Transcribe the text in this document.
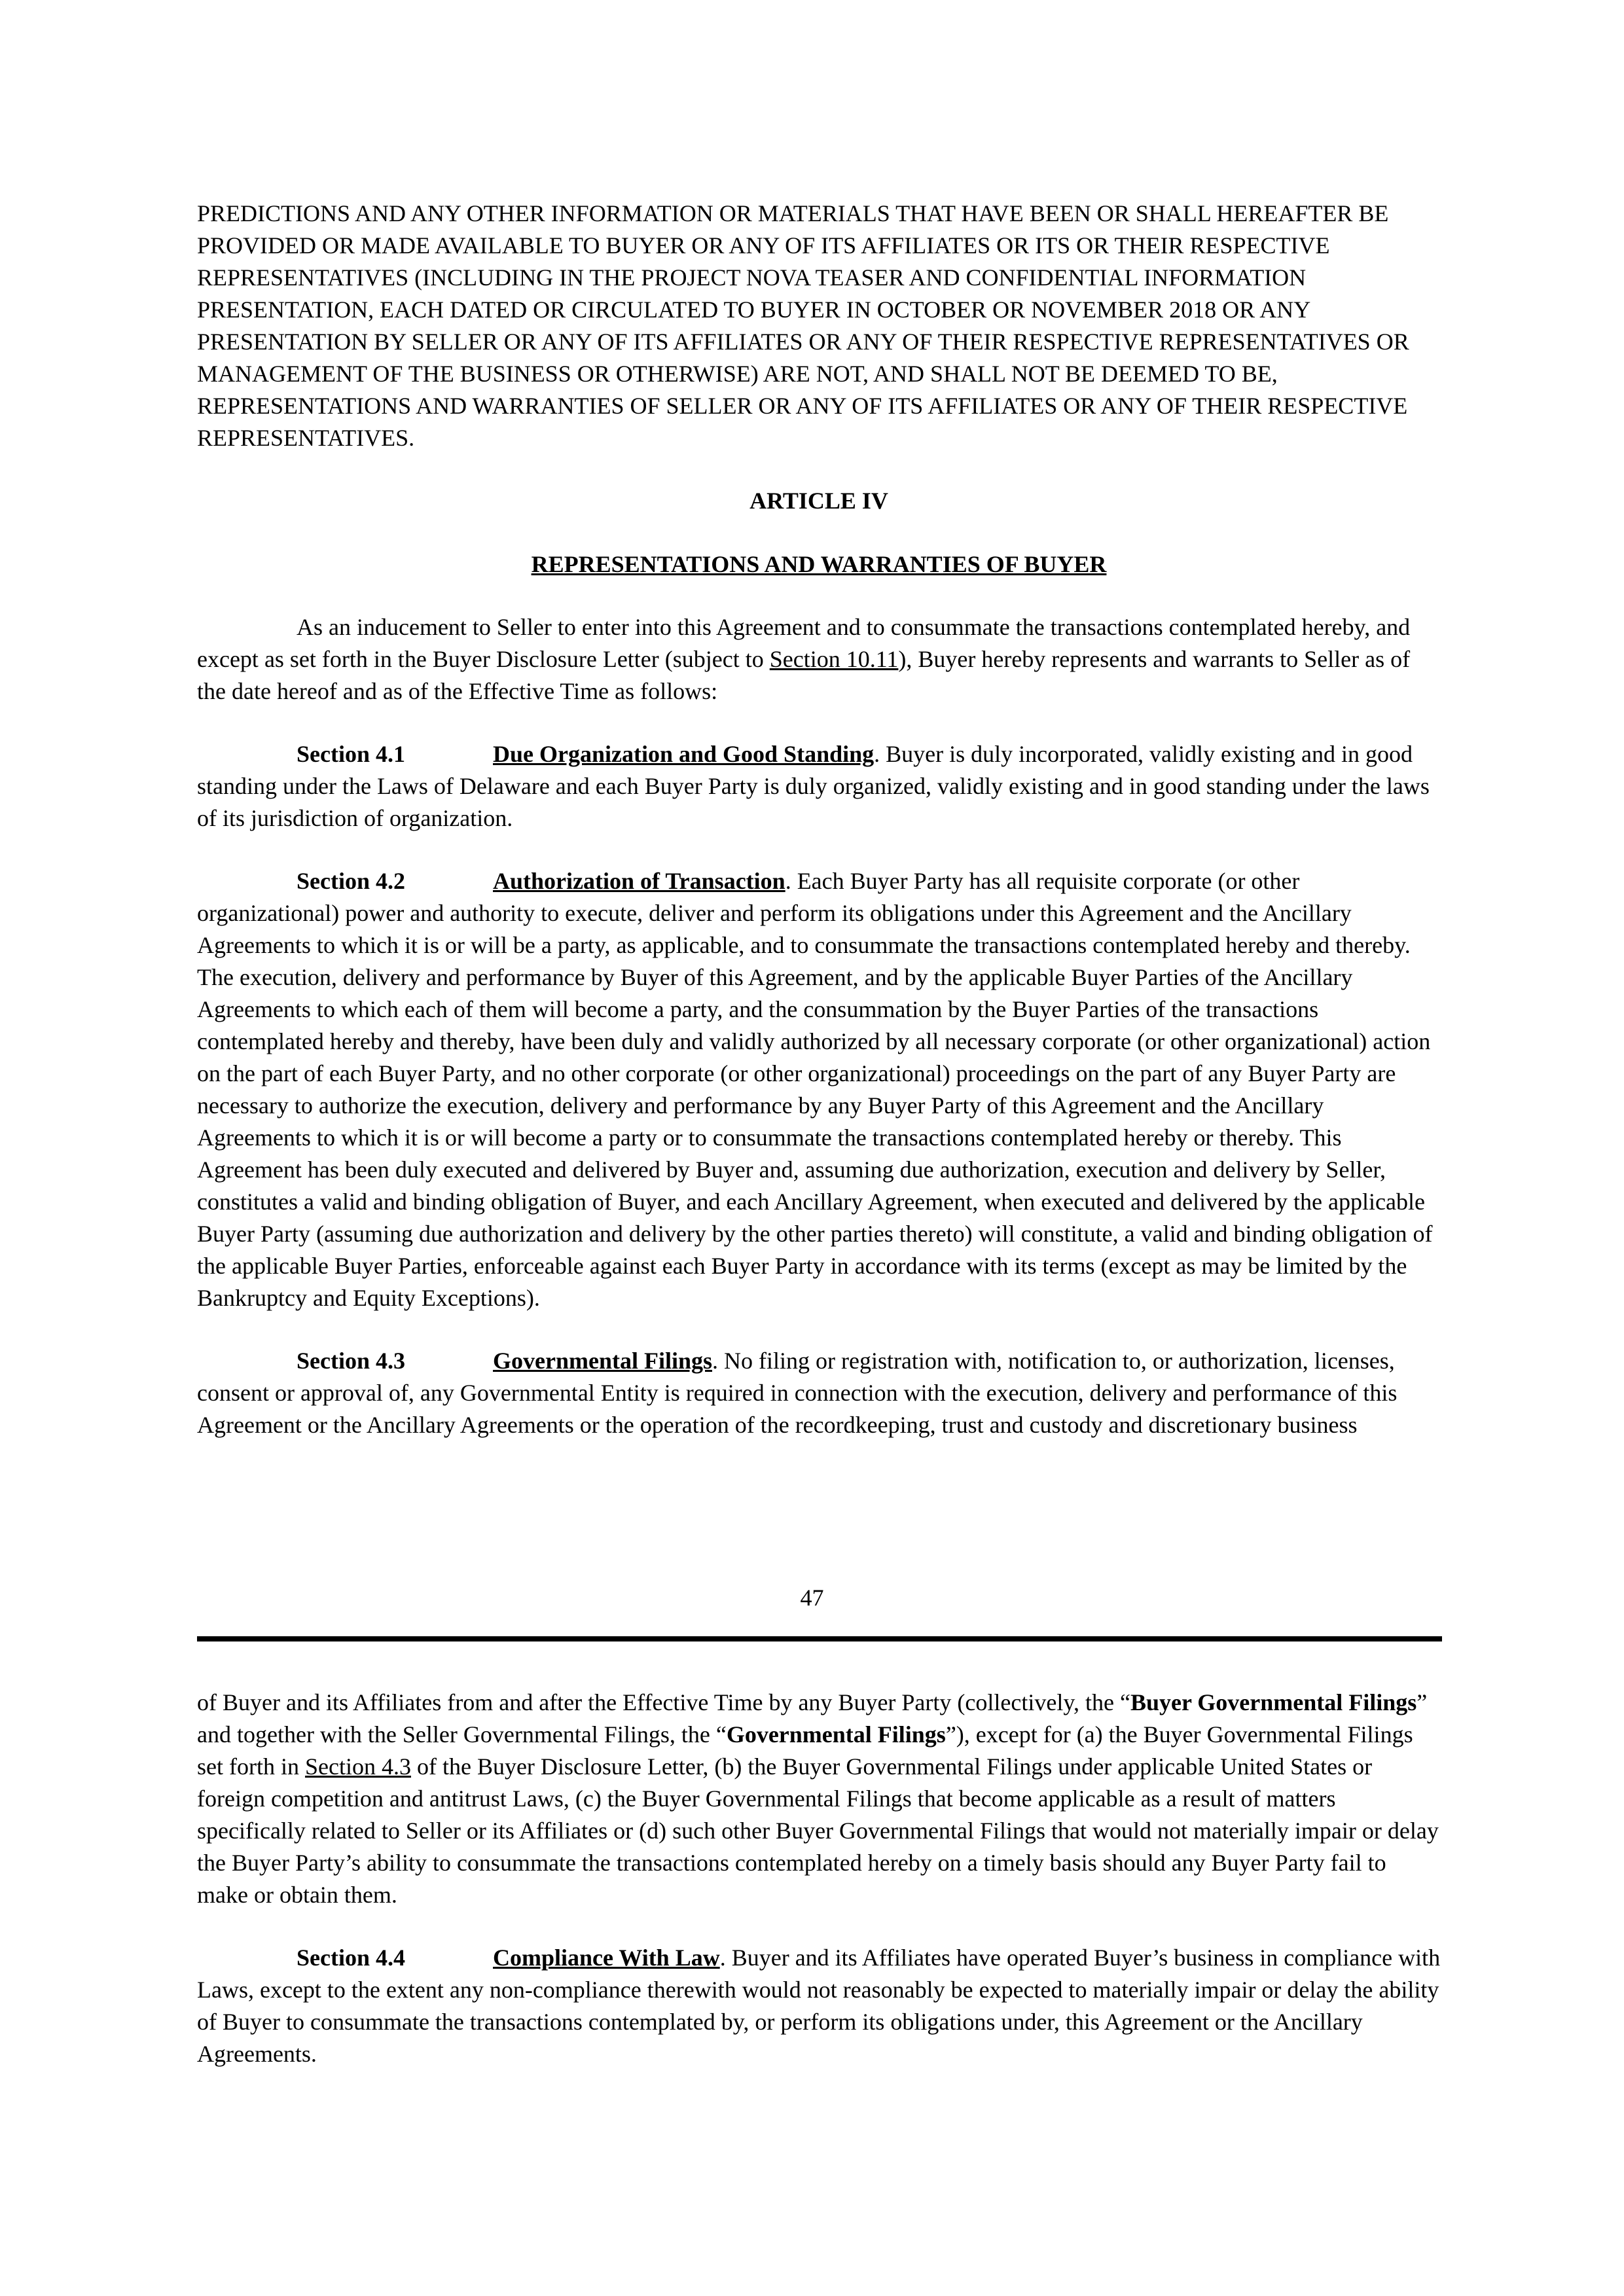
PREDICTIONS AND ANY OTHER INFORMATION OR MATERIALS THAT HAVE BEEN OR SHALL HEREAFTER BE PROVIDED OR MADE AVAILABLE TO BUYER OR ANY OF ITS AFFILIATES OR ITS OR THEIR RESPECTIVE REPRESENTATIVES (INCLUDING IN THE PROJECT NOVA TEASER AND CONFIDENTIAL INFORMATION PRESENTATION, EACH DATED OR CIRCULATED TO BUYER IN OCTOBER OR NOVEMBER 2018 OR ANY PRESENTATION BY SELLER OR ANY OF ITS AFFILIATES OR ANY OF THEIR RESPECTIVE REPRESENTATIVES OR MANAGEMENT OF THE BUSINESS OR OTHERWISE) ARE NOT, AND SHALL NOT BE DEEMED TO BE, REPRESENTATIONS AND WARRANTIES OF SELLER OR ANY OF ITS AFFILIATES OR ANY OF THEIR RESPECTIVE REPRESENTATIVES.

ARTICLE IV

REPRESENTATIONS AND WARRANTIES OF BUYER

As an inducement to Seller to enter into this Agreement and to consummate the transactions contemplated hereby, and except as set forth in the Buyer Disclosure Letter (subject to Section 10.11), Buyer hereby represents and warrants to Seller as of the date hereof and as of the Effective Time as follows:

Section 4.1	Due Organization and Good Standing. Buyer is duly incorporated, validly existing and in good standing under the Laws of Delaware and each Buyer Party is duly organized, validly existing and in good standing under the laws of its jurisdiction of organization.

Section 4.2	Authorization of Transaction. Each Buyer Party has all requisite corporate (or other organizational) power and authority to execute, deliver and perform its obligations under this Agreement and the Ancillary Agreements to which it is or will be a party, as applicable, and to consummate the transactions contemplated hereby and thereby. The execution, delivery and performance by Buyer of this Agreement, and by the applicable Buyer Parties of the Ancillary Agreements to which each of them will become a party, and the consummation by the Buyer Parties of the transactions contemplated hereby and thereby, have been duly and validly authorized by all necessary corporate (or other organizational) action on the part of each Buyer Party, and no other corporate (or other organizational) proceedings on the part of any Buyer Party are necessary to authorize the execution, delivery and performance by any Buyer Party of this Agreement and the Ancillary Agreements to which it is or will become a party or to consummate the transactions contemplated hereby or thereby. This Agreement has been duly executed and delivered by Buyer and, assuming due authorization, execution and delivery by Seller, constitutes a valid and binding obligation of Buyer, and each Ancillary Agreement, when executed and delivered by the applicable Buyer Party (assuming due authorization and delivery by the other parties thereto) will constitute, a valid and binding obligation of the applicable Buyer Parties, enforceable against each Buyer Party in accordance with its terms (except as may be limited by the Bankruptcy and Equity Exceptions).

Section 4.3	Governmental Filings. No filing or registration with, notification to, or authorization, licenses, consent or approval of, any Governmental Entity is required in connection with the execution, delivery and performance of this Agreement or the Ancillary Agreements or the operation of the recordkeeping, trust and custody and discretionary business

47

of Buyer and its Affiliates from and after the Effective Time by any Buyer Party (collectively, the “Buyer Governmental Filings” and together with the Seller Governmental Filings, the “Governmental Filings”), except for (a) the Buyer Governmental Filings set forth in Section 4.3 of the Buyer Disclosure Letter, (b) the Buyer Governmental Filings under applicable United States or foreign competition and antitrust Laws, (c) the Buyer Governmental Filings that become applicable as a result of matters specifically related to Seller or its Affiliates or (d) such other Buyer Governmental Filings that would not materially impair or delay the Buyer Party’s ability to consummate the transactions contemplated hereby on a timely basis should any Buyer Party fail to make or obtain them.

Section 4.4	Compliance With Law. Buyer and its Affiliates have operated Buyer’s business in compliance with Laws, except to the extent any non-compliance therewith would not reasonably be expected to materially impair or delay the ability of Buyer to consummate the transactions contemplated by, or perform its obligations under, this Agreement or the Ancillary Agreements.
